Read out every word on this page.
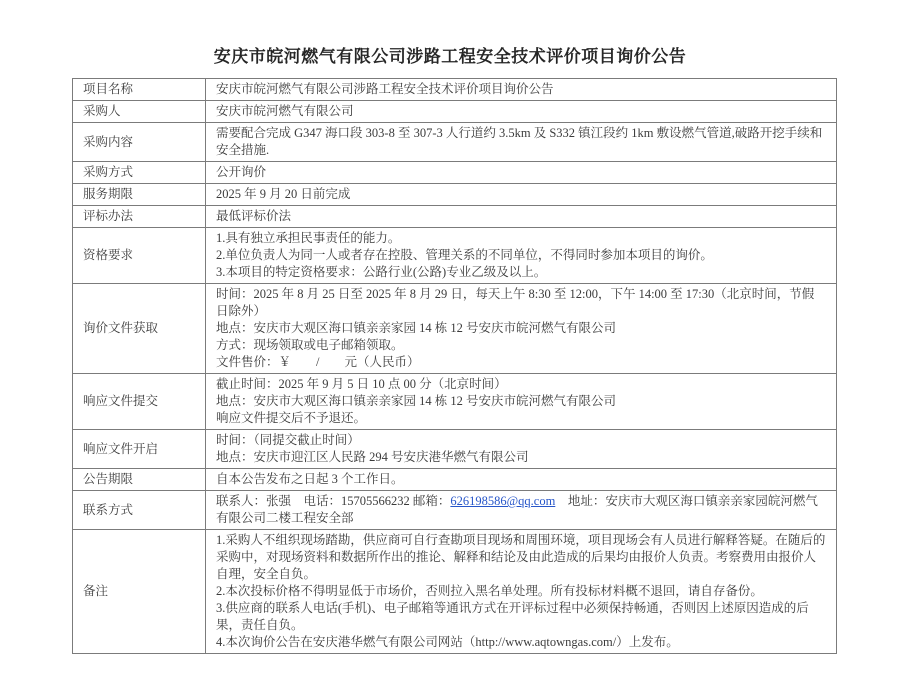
安庆市皖河燃气有限公司涉路工程安全技术评价项目询价公告
项目名称	安庆市皖河燃气有限公司涉路工程安全技术评价项目询价公告

采购人	安庆市皖河燃气有限公司

采购内容	需要配合完成 G347 海口段 303-8 至 307-3 人行道约 3.5km 及 S332 镇江段约 1km 敷设燃气管道,破路开挖手续和安全措施.

采购方式	公开询价

服务期限	2025 年 9 月 20 日前完成

评标办法	最低评标价法

资格要求	1.具有独立承担民事责任的能力。
2.单位负责人为同一人或者存在控股、管理关系的不同单位，不得同时参加本项目的询价。
3.本项目的特定资格要求：公路行业(公路)专业乙级及以上。

询价文件获取	时间：2025 年 8 月 25 日至 2025 年 8 月 29 日，每天上午 8:30 至 12:00，下午 14:00 至 17:30（北京时间，节假日除外）
地点：安庆市大观区海口镇亲亲家园 14 栋 12 号安庆市皖河燃气有限公司
方式：现场领取或电子邮箱领取。
文件售价：￥　　/　　元（人民币）

响应文件提交	截止时间：2025 年 9 月 5 日 10 点 00 分（北京时间）
地点：安庆市大观区海口镇亲亲家园 14 栋 12 号安庆市皖河燃气有限公司
响应文件提交后不予退还。

响应文件开启	时间：（同提交截止时间）
地点：安庆市迎江区人民路 294 号安庆港华燃气有限公司

公告期限	自本公告发布之日起 3 个工作日。

联系方式	联系人：张强　电话：15705566232 邮箱：626198586@qq.com　地址：安庆市大观区海口镇亲亲家园皖河燃气有限公司二楼工程安全部

备注	1.采购人不组织现场踏勘，供应商可自行查勘项目现场和周围环境，项目现场会有人员进行解释答疑。在随后的采购中，对现场资料和数据所作出的推论、解释和结论及由此造成的后果均由报价人负责。考察费用由报价人自理，安全自负。
2.本次投标价格不得明显低于市场价，否则拉入黑名单处理。所有投标材料概不退回，请自存备份。
3.供应商的联系人电话(手机)、电子邮箱等通讯方式在开评标过程中必须保持畅通，否则因上述原因造成的后果，责任自负。
4.本次询价公告在安庆港华燃气有限公司网站（http://www.aqtowngas.com/）上发布。
